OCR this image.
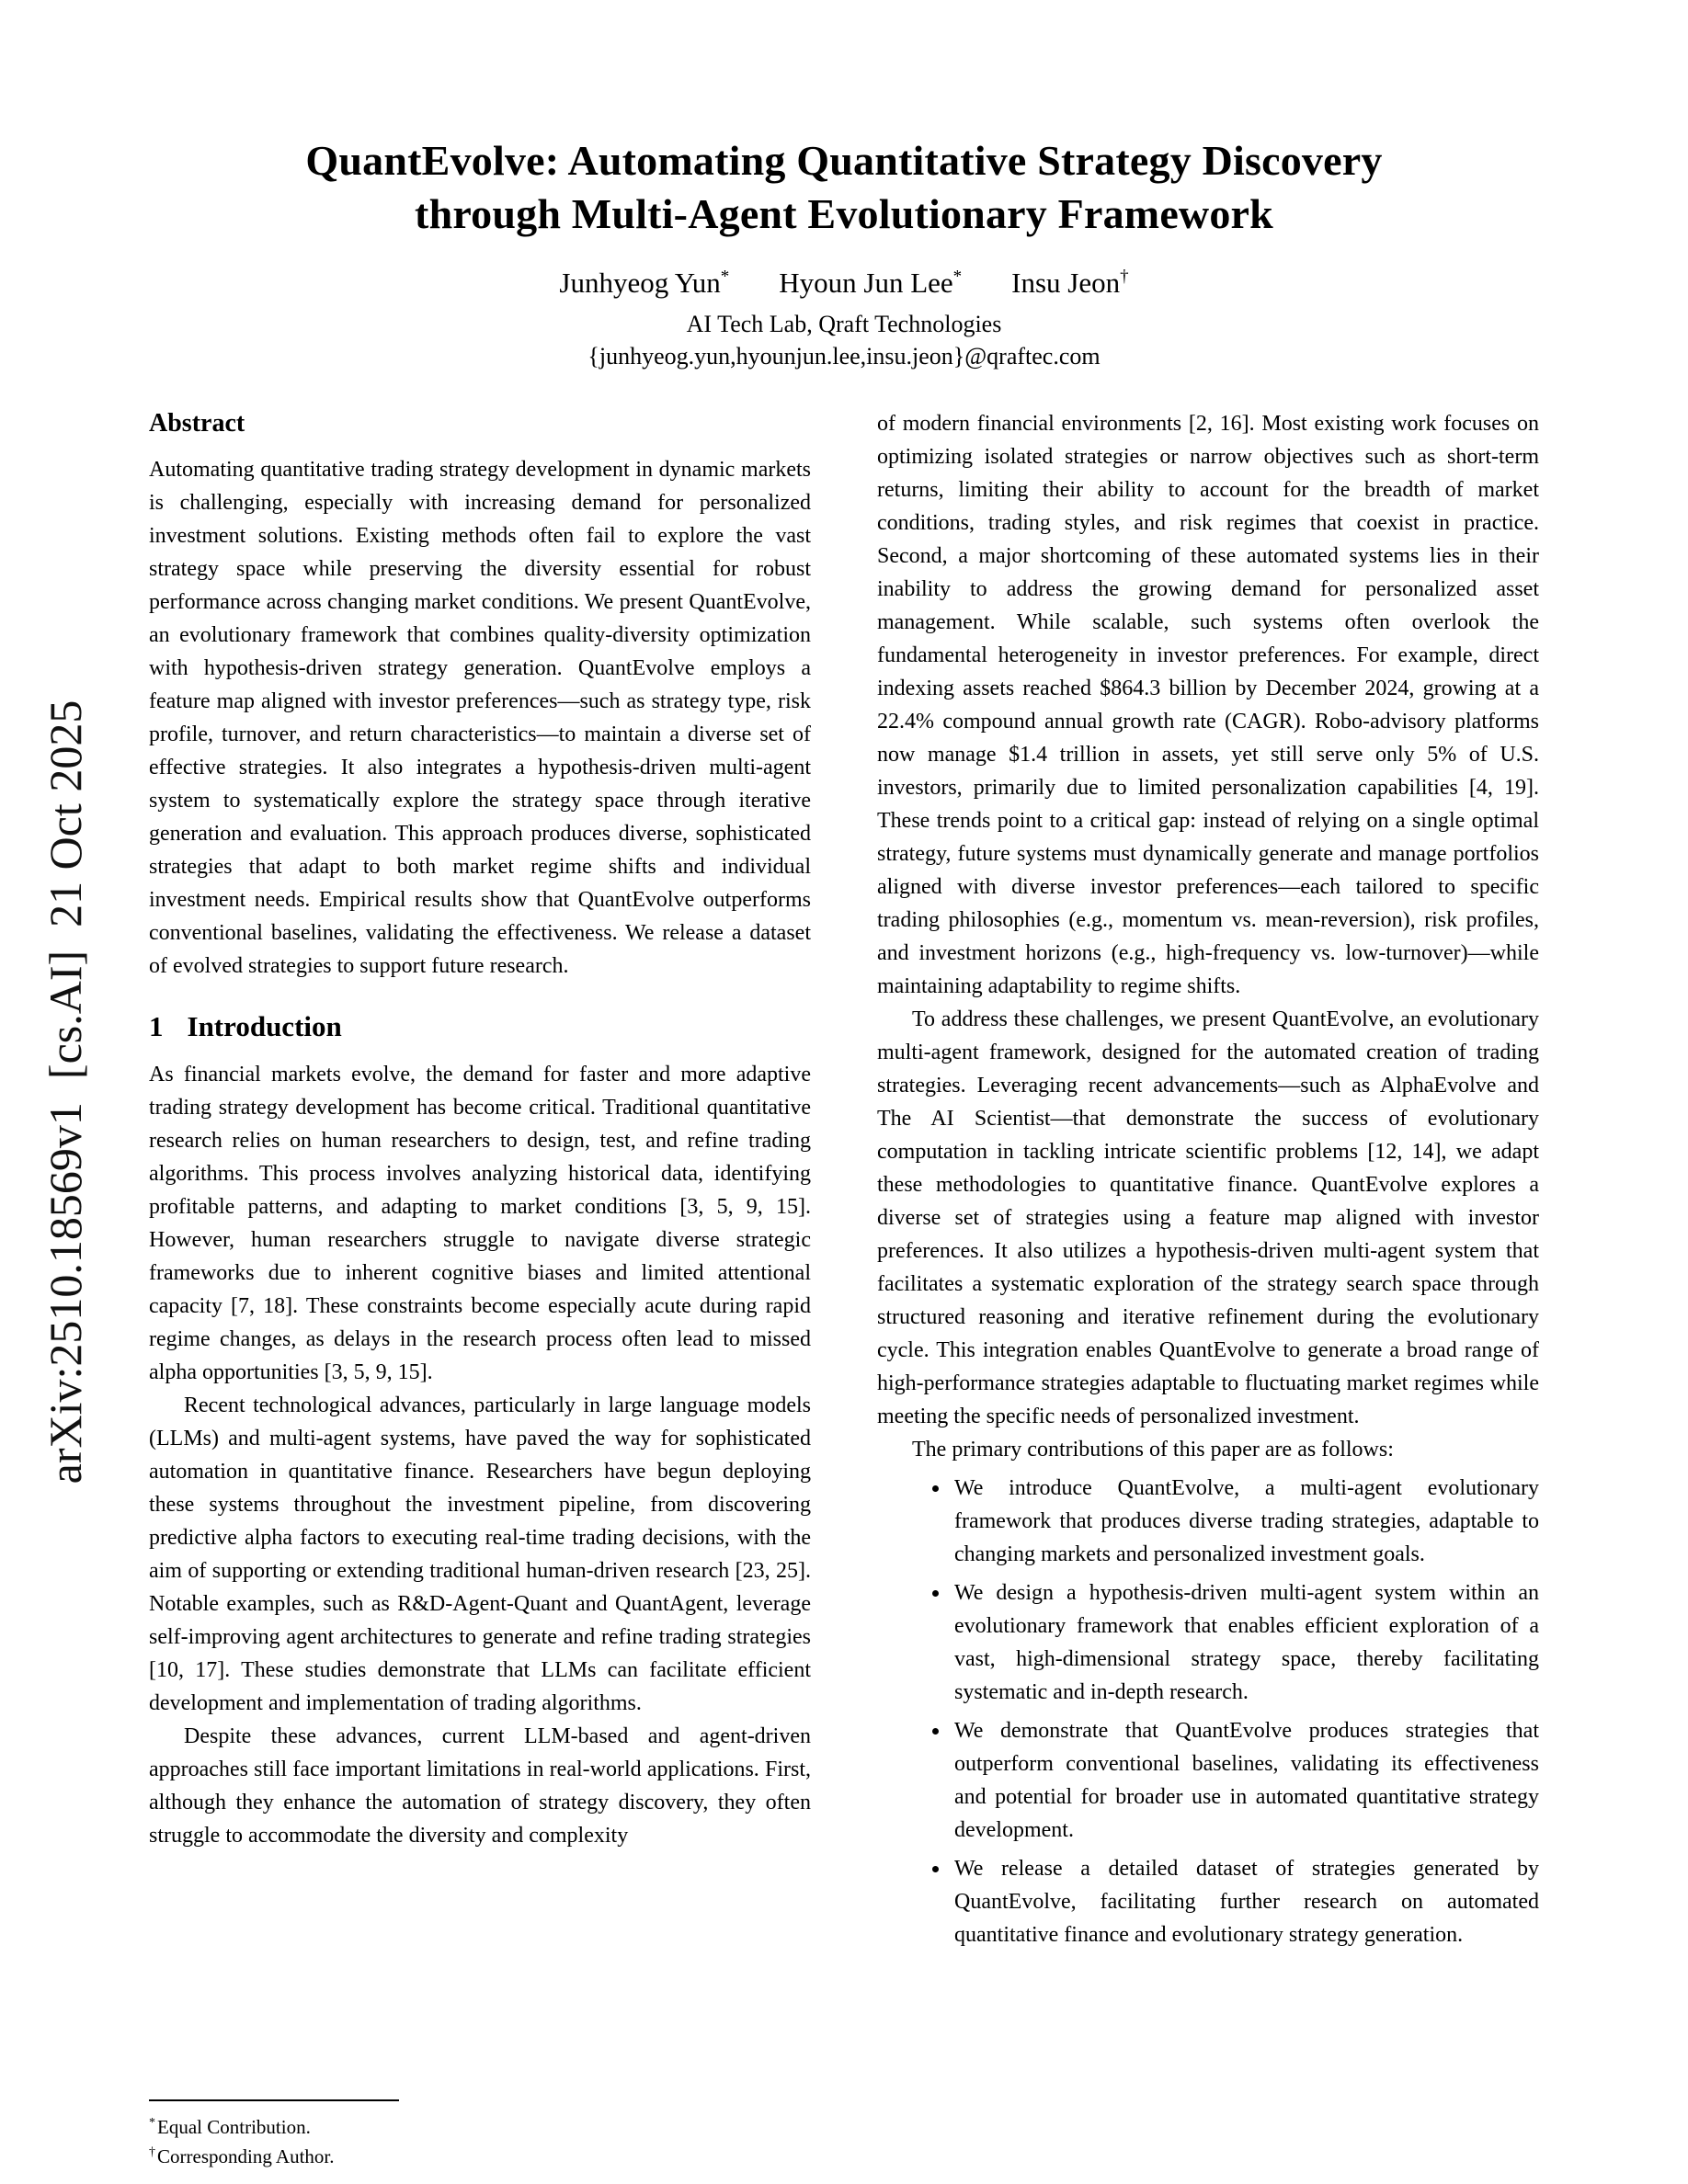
arXiv:2510.18569v1  [cs.AI]  21 Oct 2025
QuantEvolve: Automating Quantitative Strategy Discovery
through Multi-Agent Evolutionary Framework
Junhyeog Yun* Hyoun Jun Lee* Insu Jeon†
AI Tech Lab, Qraft Technologies
{junhyeog.yun,hyounjun.lee,insu.jeon}@qraftec.com
Abstract

Automating quantitative trading strategy development in dynamic markets is challenging, especially with increasing demand for personalized investment solutions. Existing methods often fail to explore the vast strategy space while preserving the diversity essential for robust performance across changing market conditions. We present QuantEvolve, an evolutionary framework that combines quality-diversity optimization with hypothesis-driven strategy generation. QuantEvolve employs a feature map aligned with investor preferences—such as strategy type, risk profile, turnover, and return characteristics—to maintain a diverse set of effective strategies. It also integrates a hypothesis-driven multi-agent system to systematically explore the strategy space through iterative generation and evaluation. This approach produces diverse, sophisticated strategies that adapt to both market regime shifts and individual investment needs. Empirical results show that QuantEvolve outperforms conventional baselines, validating the effectiveness. We release a dataset of evolved strategies to support future research.

1 Introduction

As financial markets evolve, the demand for faster and more adaptive trading strategy development has become critical. Traditional quantitative research relies on human researchers to design, test, and refine trading algorithms. This process involves analyzing historical data, identifying profitable patterns, and adapting to market conditions [3, 5, 9, 15]. However, human researchers struggle to navigate diverse strategic frameworks due to inherent cognitive biases and limited attentional capacity [7, 18]. These constraints become especially acute during rapid regime changes, as delays in the research process often lead to missed alpha opportunities [3, 5, 9, 15].

Recent technological advances, particularly in large language models (LLMs) and multi-agent systems, have paved the way for sophisticated automation in quantitative finance. Researchers have begun deploying these systems throughout the investment pipeline, from discovering predictive alpha factors to executing real-time trading decisions, with the aim of supporting or extending traditional human-driven research [23, 25]. Notable examples, such as R&D-Agent-Quant and QuantAgent, leverage self-improving agent architectures to generate and refine trading strategies [10, 17]. These studies demonstrate that LLMs can facilitate efficient development and implementation of trading algorithms.

Despite these advances, current LLM-based and agent-driven approaches still face important limitations in real-world applications. First, although they enhance the automation of strategy discovery, they often struggle to accommodate the diversity and complexity

of modern financial environments [2, 16]. Most existing work focuses on optimizing isolated strategies or narrow objectives such as short-term returns, limiting their ability to account for the breadth of market conditions, trading styles, and risk regimes that coexist in practice. Second, a major shortcoming of these automated systems lies in their inability to address the growing demand for personalized asset management. While scalable, such systems often overlook the fundamental heterogeneity in investor preferences. For example, direct indexing assets reached $864.3 billion by December 2024, growing at a 22.4% compound annual growth rate (CAGR). Robo-advisory platforms now manage $1.4 trillion in assets, yet still serve only 5% of U.S. investors, primarily due to limited personalization capabilities [4, 19]. These trends point to a critical gap: instead of relying on a single optimal strategy, future systems must dynamically generate and manage portfolios aligned with diverse investor preferences—each tailored to specific trading philosophies (e.g., momentum vs. mean-reversion), risk profiles, and investment horizons (e.g., high-frequency vs. low-turnover)—while maintaining adaptability to regime shifts.

To address these challenges, we present QuantEvolve, an evolutionary multi-agent framework, designed for the automated creation of trading strategies. Leveraging recent advancements—such as AlphaEvolve and The AI Scientist—that demonstrate the success of evolutionary computation in tackling intricate scientific problems [12, 14], we adapt these methodologies to quantitative finance. QuantEvolve explores a diverse set of strategies using a feature map aligned with investor preferences. It also utilizes a hypothesis-driven multi-agent system that facilitates a systematic exploration of the strategy search space through structured reasoning and iterative refinement during the evolutionary cycle. This integration enables QuantEvolve to generate a broad range of high-performance strategies adaptable to fluctuating market regimes while meeting the specific needs of personalized investment.

The primary contributions of this paper are as follows:

• We introduce QuantEvolve, a multi-agent evolutionary framework that produces diverse trading strategies, adaptable to changing markets and personalized investment goals.
• We design a hypothesis-driven multi-agent system within an evolutionary framework that enables efficient exploration of a vast, high-dimensional strategy space, thereby facilitating systematic and in-depth research.
• We demonstrate that QuantEvolve produces strategies that outperform conventional baselines, validating its effectiveness and potential for broader use in automated quantitative strategy development.
• We release a detailed dataset of strategies generated by QuantEvolve, facilitating further research on automated quantitative finance and evolutionary strategy generation.
*Equal Contribution.
†Corresponding Author.
